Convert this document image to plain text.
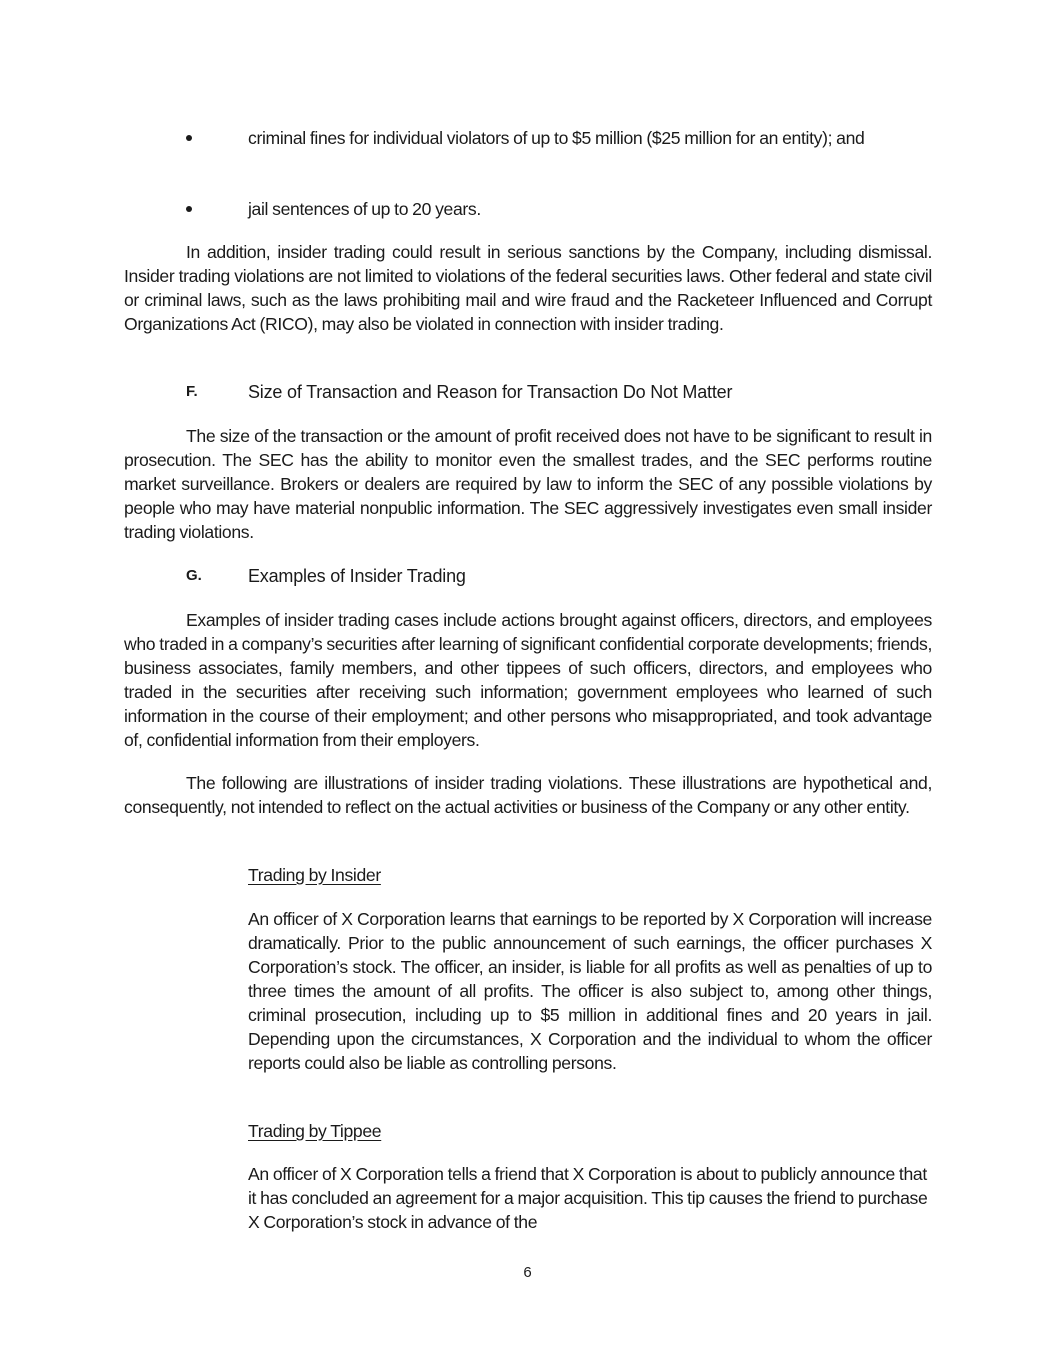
criminal fines for individual violators of up to $5 million ($25 million for an entity); and
jail sentences of up to 20 years.
In addition, insider trading could result in serious sanctions by the Company, including dismissal. Insider trading violations are not limited to violations of the federal securities laws. Other federal and state civil or criminal laws, such as the laws prohibiting mail and wire fraud and the Racketeer Influenced and Corrupt Organizations Act (RICO), may also be violated in connection with insider trading.
F.	Size of Transaction and Reason for Transaction Do Not Matter
The size of the transaction or the amount of profit received does not have to be significant to result in prosecution. The SEC has the ability to monitor even the smallest trades, and the SEC performs routine market surveillance. Brokers or dealers are required by law to inform the SEC of any possible violations by people who may have material nonpublic information. The SEC aggressively investigates even small insider trading violations.
G.	Examples of Insider Trading
Examples of insider trading cases include actions brought against officers, directors, and employees who traded in a company’s securities after learning of significant confidential corporate developments; friends, business associates, family members, and other tippees of such officers, directors, and employees who traded in the securities after receiving such information; government employees who learned of such information in the course of their employment; and other persons who misappropriated, and took advantage of, confidential information from their employers.
The following are illustrations of insider trading violations. These illustrations are hypothetical and, consequently, not intended to reflect on the actual activities or business of the Company or any other entity.
Trading by Insider
An officer of X Corporation learns that earnings to be reported by X Corporation will increase dramatically. Prior to the public announcement of such earnings, the officer purchases X Corporation’s stock. The officer, an insider, is liable for all profits as well as penalties of up to three times the amount of all profits. The officer is also subject to, among other things, criminal prosecution, including up to $5 million in additional fines and 20 years in jail. Depending upon the circumstances, X Corporation and the individual to whom the officer reports could also be liable as controlling persons.
Trading by Tippee
An officer of X Corporation tells a friend that X Corporation is about to publicly announce that it has concluded an agreement for a major acquisition. This tip causes the friend to purchase X Corporation’s stock in advance of the
6
